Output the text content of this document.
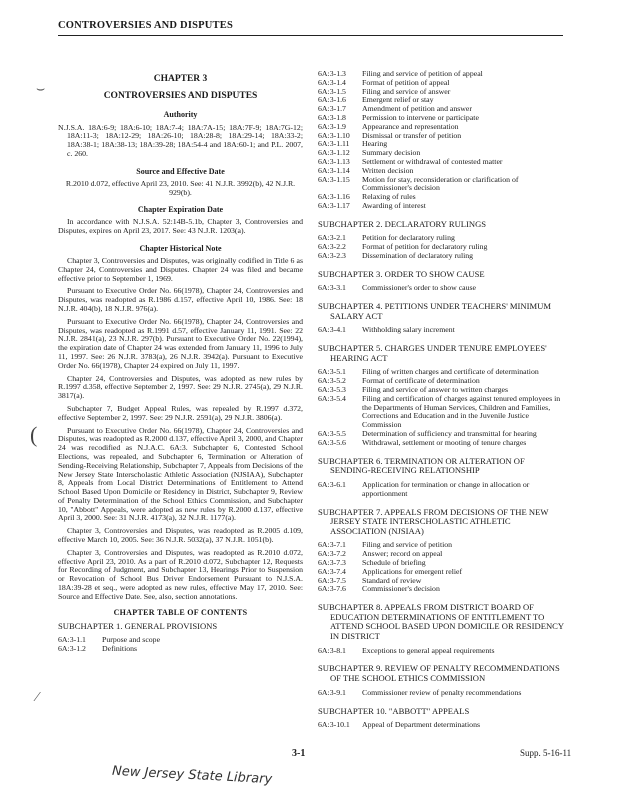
CONTROVERSIES AND DISPUTES
CHAPTER 3
CONTROVERSIES AND DISPUTES
Authority

N.J.S.A. 18A:6-9; 18A:6-10; 18A:7-4; 18A:7A-15; 18A:7F-9; 18A:7G-12; 18A:11-3; 18A:12-29; 18A:26-10; 18A:28-8; 18A:29-14; 18A:33-2; 18A:38-1; 18A:38-13; 18A:39-28; 18A:54-4 and 18A:60-1; and P.L. 2007, c. 260.

Source and Effective Date

R.2010 d.072, effective April 23, 2010. See: 41 N.J.R. 3992(b), 42 N.J.R. 929(b).

Chapter Expiration Date

In accordance with N.J.S.A. 52:14B-5.1b, Chapter 3, Controversies and Disputes, expires on April 23, 2017. See: 43 N.J.R. 1203(a).

Chapter Historical Note

Chapter 3, Controversies and Disputes, was originally codified in Title 6 as Chapter 24, Controversies and Disputes. Chapter 24 was filed and became effective prior to September 1, 1969.

Pursuant to Executive Order No. 66(1978), Chapter 24, Controversies and Disputes, was readopted as R.1986 d.157, effective April 10, 1986. See: 18 N.J.R. 404(b), 18 N.J.R. 976(a).

Pursuant to Executive Order No. 66(1978), Chapter 24, Controversies and Disputes, was readopted as R.1991 d.57, effective January 11, 1991. See: 22 N.J.R. 2841(a), 23 N.J.R. 297(b). Pursuant to Executive Order No. 22(1994), the expiration date of Chapter 24 was extended from January 11, 1996 to July 11, 1997. See: 26 N.J.R. 3783(a), 26 N.J.R. 3942(a). Pursuant to Executive Order No. 66(1978), Chapter 24 expired on July 11, 1997.

Chapter 24, Controversies and Disputes, was adopted as new rules by R.1997 d.358, effective September 2, 1997. See: 29 N.J.R. 2745(a), 29 N.J.R. 3817(a).

Subchapter 7, Budget Appeal Rules, was repealed by R.1997 d.372, effective September 2, 1997. See: 29 N.J.R. 2591(a), 29 N.J.R. 3806(a).

Pursuant to Executive Order No. 66(1978), Chapter 24, Controversies and Disputes, was readopted as R.2000 d.137, effective April 3, 2000, and Chapter 24 was recodified as N.J.A.C. 6A:3. Subchapter 6, Contested School Elections, was repealed, and Subchapter 6, Termination or Alteration of Sending-Receiving Relationship, Subchapter 7, Appeals from Decisions of the New Jersey State Interscholastic Athletic Association (NJSIAA), Subchapter 8, Appeals from Local District Determinations of Entitlement to Attend School Based Upon Domicile or Residency in District, Subchapter 9, Review of Penalty Determination of the School Ethics Commission, and Subchapter 10, "Abbott" Appeals, were adopted as new rules by R.2000 d.137, effective April 3, 2000. See: 31 N.J.R. 4173(a), 32 N.J.R. 1177(a).

Chapter 3, Controversies and Disputes, was readopted as R.2005 d.109, effective March 10, 2005. See: 36 N.J.R. 5032(a), 37 N.J.R. 1051(b).

Chapter 3, Controversies and Disputes, was readopted as R.2010 d.072, effective April 23, 2010. As a part of R.2010 d.072, Subchapter 12, Requests for Recording of Judgment, and Subchapter 13, Hearings Prior to Suspension or Revocation of School Bus Driver Endorsement Pursuant to N.J.S.A. 18A:39-28 et seq., were adopted as new rules, effective May 17, 2010. See: Source and Effective Date. See, also, section annotations.

CHAPTER TABLE OF CONTENTS
SUBCHAPTER 1. GENERAL PROVISIONS
6A:3-1.1	Purpose and scope
6A:3-1.2	Definitions
6A:3-1.3	Filing and service of petition of appeal
6A:3-1.4	Format of petition of appeal
6A:3-1.5	Filing and service of answer
6A:3-1.6	Emergent relief or stay
6A:3-1.7	Amendment of petition and answer
6A:3-1.8	Permission to intervene or participate
6A:3-1.9	Appearance and representation
6A:3-1.10	Dismissal or transfer of petition
6A:3-1.11	Hearing
6A:3-1.12	Summary decision
6A:3-1.13	Settlement or withdrawal of contested matter
6A:3-1.14	Written decision
6A:3-1.15	Motion for stay, reconsideration or clarification of Commissioner's decision
6A:3-1.16	Relaxing of rules
6A:3-1.17	Awarding of interest
SUBCHAPTER 2. DECLARATORY RULINGS
6A:3-2.1	Petition for declaratory ruling
6A:3-2.2	Format of petition for declaratory ruling
6A:3-2.3	Dissemination of declaratory ruling
SUBCHAPTER 3. ORDER TO SHOW CAUSE
6A:3-3.1	Commissioner's order to show cause
SUBCHAPTER 4. PETITIONS UNDER TEACHERS' MINIMUM SALARY ACT
6A:3-4.1	Withholding salary increment
SUBCHAPTER 5. CHARGES UNDER TENURE EMPLOYEES' HEARING ACT
6A:3-5.1	Filing of written charges and certificate of determination
6A:3-5.2	Format of certificate of determination
6A:3-5.3	Filing and service of answer to written charges
6A:3-5.4	Filing and certification of charges against tenured employees in the Departments of Human Services, Children and Families, Corrections and Education and in the Juvenile Justice Commission
6A:3-5.5	Determination of sufficiency and transmittal for hearing
6A:3-5.6	Withdrawal, settlement or mooting of tenure charges
SUBCHAPTER 6. TERMINATION OR ALTERATION OF SENDING-RECEIVING RELATIONSHIP
6A:3-6.1	Application for termination or change in allocation or apportionment
SUBCHAPTER 7. APPEALS FROM DECISIONS OF THE NEW JERSEY STATE INTERSCHOLASTIC ATHLETIC ASSOCIATION (NJSIAA)
6A:3-7.1	Filing and service of petition
6A:3-7.2	Answer; record on appeal
6A:3-7.3	Schedule of briefing
6A:3-7.4	Applications for emergent relief
6A:3-7.5	Standard of review
6A:3-7.6	Commissioner's decision
SUBCHAPTER 8. APPEALS FROM DISTRICT BOARD OF EDUCATION DETERMINATIONS OF ENTITLEMENT TO ATTEND SCHOOL BASED UPON DOMICILE OR RESIDENCY IN DISTRICT
6A:3-8.1	Exceptions to general appeal requirements
SUBCHAPTER 9. REVIEW OF PENALTY RECOMMENDATIONS OF THE SCHOOL ETHICS COMMISSION
6A:3-9.1	Commissioner review of penalty recommendations
SUBCHAPTER 10. "ABBOTT" APPEALS
6A:3-10.1	Appeal of Department determinations
3-1	Supp. 5-16-11
New Jersey State Library
⌣
(
⁄
